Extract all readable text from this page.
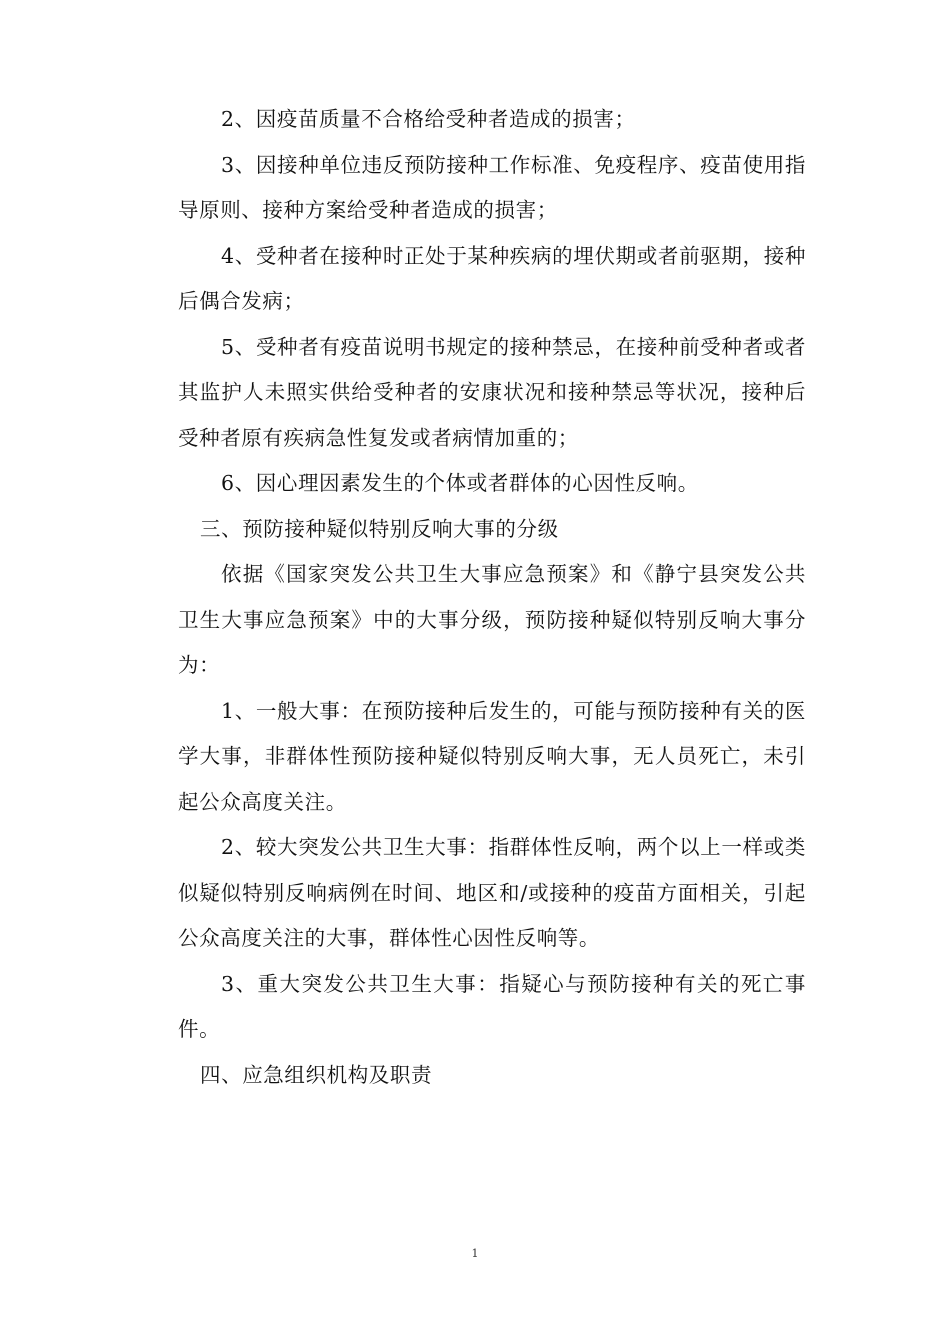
2、因疫苗质量不合格给受种者造成的损害；

3、因接种单位违反预防接种工作标准、免疫程序、疫苗使用指导原则、接种方案给受种者造成的损害；

4、受种者在接种时正处于某种疾病的埋伏期或者前驱期，接种后偶合发病；

5、受种者有疫苗说明书规定的接种禁忌，在接种前受种者或者其监护人未照实供给受种者的安康状况和接种禁忌等状况，接种后受种者原有疾病急性复发或者病情加重的；

6、因心理因素发生的个体或者群体的心因性反响。

三、预防接种疑似特别反响大事的分级

依据《国家突发公共卫生大事应急预案》和《静宁县突发公共卫生大事应急预案》中的大事分级，预防接种疑似特别反响大事分为：

1、一般大事：在预防接种后发生的，可能与预防接种有关的医学大事，非群体性预防接种疑似特别反响大事，无人员死亡，未引起公众高度关注。

2、较大突发公共卫生大事：指群体性反响，两个以上一样或类似疑似特别反响病例在时间、地区和/或接种的疫苗方面相关，引起公众高度关注的大事，群体性心因性反响等。

3、重大突发公共卫生大事：指疑心与预防接种有关的死亡事件。

四、应急组织机构及职责

1
